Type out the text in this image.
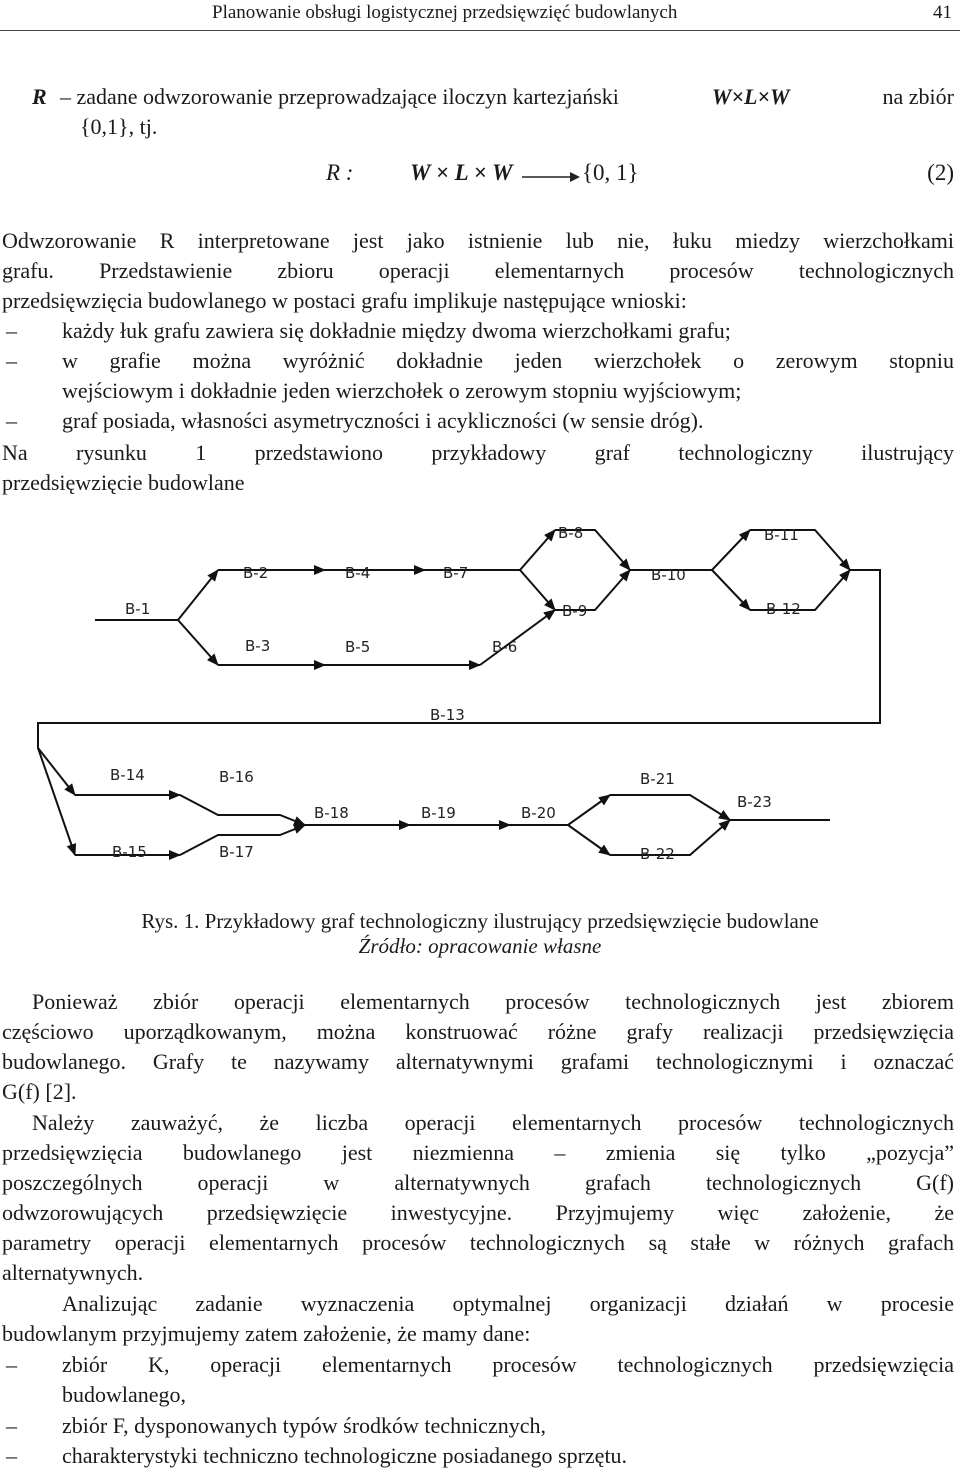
Planowanie obsługi logistycznej przedsięwzięć budowlanych	41
R – zadane odwzorowanie przeprowadzające iloczyn kartezjański	W×L×W	na zbiór
{0,1}, tj.
R : W × L × W	{0, 1}	(2)
Odwzorowanie R interpretowane jest jako istnienie lub nie, łuku miedzy wierzchołkami
grafu. Przedstawienie zbioru operacji elementarnych procesów technologicznych
przedsięwzięcia budowlanego w postaci grafu implikuje następujące wnioski:
–	każdy łuk grafu zawiera się dokładnie między dwoma wierzchołkami grafu;
–	w grafie można wyróżnić dokładnie jeden wierzchołek o zerowym stopniu
wejściowym i dokładnie jeden wierzchołek o zerowym stopniu wyjściowym;
–	graf posiada, własności asymetryczności i acykliczności (w sensie dróg).
Na rysunku 1 przedstawiono przykładowy graf technologiczny ilustrujący
przedsięwzięcie budowlane
B-1
B-2
B-3
B-4
B-5	B-6
B-7
B-8
B-9
B-10
B-11
B-12
B-13
B-14
B-15
B-16
B-17
B-18	B-19	B-20
B-21
B-22
B-23
Rys. 1. Przykładowy graf technologiczny ilustrujący przedsięwzięcie budowlane
Źródło: opracowanie własne
Ponieważ zbiór operacji elementarnych procesów technologicznych jest zbiorem
częściowo uporządkowanym, można konstruować różne grafy realizacji przedsięwzięcia
budowlanego. Grafy te nazywamy alternatywnymi grafami technologicznymi i oznaczać
G(f) [2].
Należy zauważyć, że liczba operacji elementarnych procesów technologicznych
przedsięwzięcia budowlanego jest niezmienna – zmienia się tylko „pozycja”
poszczególnych operacji w alternatywnych grafach technologicznych G(f)
odwzorowujących przedsięwzięcie inwestycyjne. Przyjmujemy więc założenie, że
parametry operacji elementarnych procesów technologicznych są stałe w różnych grafach
alternatywnych.
Analizując zadanie wyznaczenia optymalnej organizacji działań w procesie
budowlanym przyjmujemy zatem założenie, że mamy dane:
–	zbiór K, operacji elementarnych procesów technologicznych przedsięwzięcia
budowlanego,
–	zbiór F, dysponowanych typów środków technicznych,
–	charakterystyki techniczno technologiczne posiadanego sprzętu.
